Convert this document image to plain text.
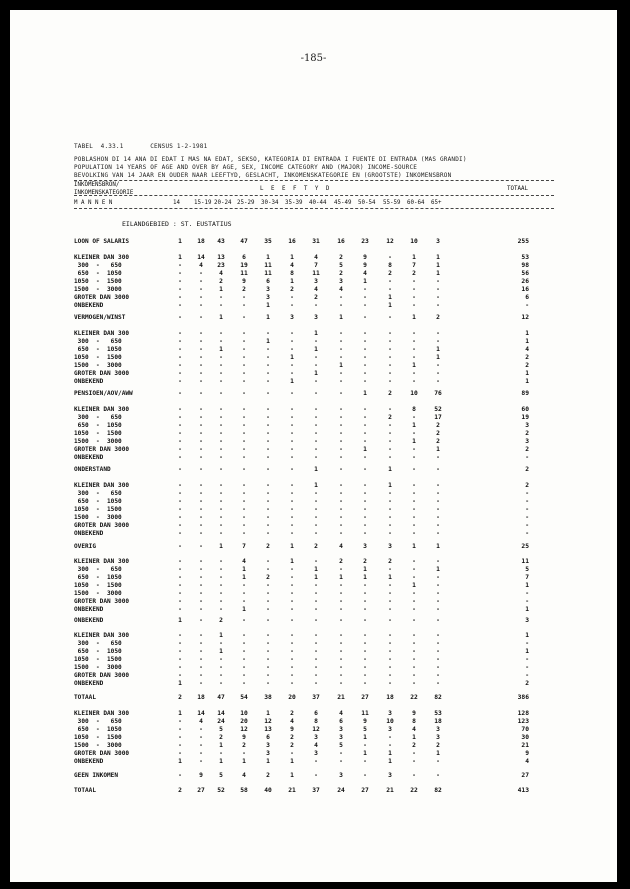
-185-
TABEL  4.33.1       CENSUS 1-2-1981
POBLASHON DI 14 ANA DI EDAT I MAS NA EDAT, SEKSO, KATEGORIA DI ENTRADA I FUENTE DI ENTRADA (MAS GRANDI)
POPULATION 14 YEARS OF AGE AND OVER BY AGE, SEX, INCOME CATEGORY AND (MAJOR) INCOME-SOURCE
BEVOLKING VAN 14 JAAR EN OUDER NAAR LEEFTYD, GESLACHT, INKOMENSKATEGORIE EN (GROOTSTE) INKOMENSBRON
INKOMENSBRON/
INKOMENSKATEGORIE
M A N N E N
L E E F T Y D	TOTAAL
14 15-19 20-24 25-29 30-34 35-39 40-44 45-49 50-54 55-59 60-64 65+
EILANDGEBIED : ST. EUSTATIUS
LOON OF SALARIS	1	18	43	47	35	16	31	16	23	12	10	3	255
KLEINER DAN 300	1	14	13	6	1	1	4	2	9	-	1	1	53
300  -   650	-	4	23	19	11	4	7	5	9	8	7	1	98
650  -  1050	-	-	4	11	11	8	11	2	4	2	2	1	56
1050  -  1500	-	-	2	9	6	1	3	3	1	-	-	-	26
1500  -  3000	-	-	1	2	3	2	4	4	-	-	-	-	16
GROTER DAN 3000	-	-	-	-	3	-	2	-	-	1	-	-	6
ONBEKEND	-	-	-	-	1	-	-	-	-	1	-	-	-
VERMOGEN/WINST	-	-	1	-	1	3	3	1	-	-	1	2	12
KLEINER DAN 300	-	-	-	-	-	-	1	-	-	-	-	-	1
300  -   650	-	-	-	-	1	-	-	-	-	-	-	-	1
650  -  1050	-	-	1	-	-	-	1	-	-	-	-	1	4
1050  -  1500	-	-	-	-	-	1	-	-	-	-	-	1	2
1500  -  3000	-	-	-	-	-	-	-	1	-	-	1	-	2
GROTER DAN 3000	-	-	-	-	-	-	1	-	-	-	-	-	1
ONBEKEND	-	-	-	-	-	1	-	-	-	-	-	-	1
PENSIOEN/AOV/AWW	-	-	-	-	-	-	-	-	1	2	10	76	89
KLEINER DAN 300	-	-	-	-	-	-	-	-	-	-	8	52	60
300  -   650	-	-	-	-	-	-	-	-	-	2	-	17	19
650  -  1050	-	-	-	-	-	-	-	-	-	-	1	2	3
1050  -  1500	-	-	-	-	-	-	-	-	-	-	-	2	2
1500  -  3000	-	-	-	-	-	-	-	-	-	-	1	2	3
GROTER DAN 3000	-	-	-	-	-	-	-	-	1	-	-	1	2
ONBEKEND	-	-	-	-	-	-	-	-	-	-	-	-	-
ONDERSTAND	-	-	-	-	-	-	1	-	-	1	-	-	2
KLEINER DAN 300	-	-	-	-	-	-	1	-	-	1	-	-	2
300  -   650	-	-	-	-	-	-	-	-	-	-	-	-	-
650  -  1050	-	-	-	-	-	-	-	-	-	-	-	-	-
1050  -  1500	-	-	-	-	-	-	-	-	-	-	-	-	-
1500  -  3000	-	-	-	-	-	-	-	-	-	-	-	-	-
GROTER DAN 3000	-	-	-	-	-	-	-	-	-	-	-	-	-
ONBEKEND	-	-	-	-	-	-	-	-	-	-	-	-	-
OVERIG	-	-	1	7	2	1	2	4	3	3	1	1	25
KLEINER DAN 300	-	-	-	4	-	1	-	2	2	2	-	-	11
300  -   650	-	-	-	1	-	-	1	-	1	-	-	1	5
650  -  1050	-	-	-	1	2	-	1	1	1	1	-	-	7
1050  -  1500	-	-	-	-	-	-	-	-	-	-	1	-	1
1500  -  3000	-	-	-	-	-	-	-	-	-	-	-	-	-
GROTER DAN 3000	-	-	-	-	-	-	-	-	-	-	-	-	-
ONBEKEND	-	-	-	1	-	-	-	-	-	-	-	-	1
ONBEKEND	1	-	2	-	-	-	-	-	-	-	-	-	3
KLEINER DAN 300	-	-	1	-	-	-	-	-	-	-	-	-	1
300  -   650	-	-	-	-	-	-	-	-	-	-	-	-	-
650  -  1050	-	-	1	-	-	-	-	-	-	-	-	-	1
1050  -  1500	-	-	-	-	-	-	-	-	-	-	-	-	-
1500  -  3000	-	-	-	-	-	-	-	-	-	-	-	-	-
GROTER DAN 3000	-	-	-	-	-	-	-	-	-	-	-	-	-
ONBEKEND	1	-	-	-	-	-	-	-	-	-	-	-	2
TOTAAL	2	18	47	54	38	20	37	21	27	18	22	82	386
KLEINER DAN 300	1	14	14	10	1	2	6	4	11	3	9	53	128
300  -   650	-	4	24	20	12	4	8	6	9	10	8	18	123
650  -  1050	-	-	5	12	13	9	12	3	5	3	4	3	70
1050  -  1500	-	-	2	9	6	2	3	3	1	-	1	3	30
1500  -  3000	-	-	1	2	3	2	4	5	-	-	2	2	21
GROTER DAN 3000	-	-	-	-	3	-	3	-	1	1	-	1	9
ONBEKEND	1	-	1	1	1	1	-	-	-	1	-	-	4
GEEN INKOMEN	-	9	5	4	2	1	-	3	-	3	-	-	27
TOTAAL	2	27	52	58	40	21	37	24	27	21	22	82	413
